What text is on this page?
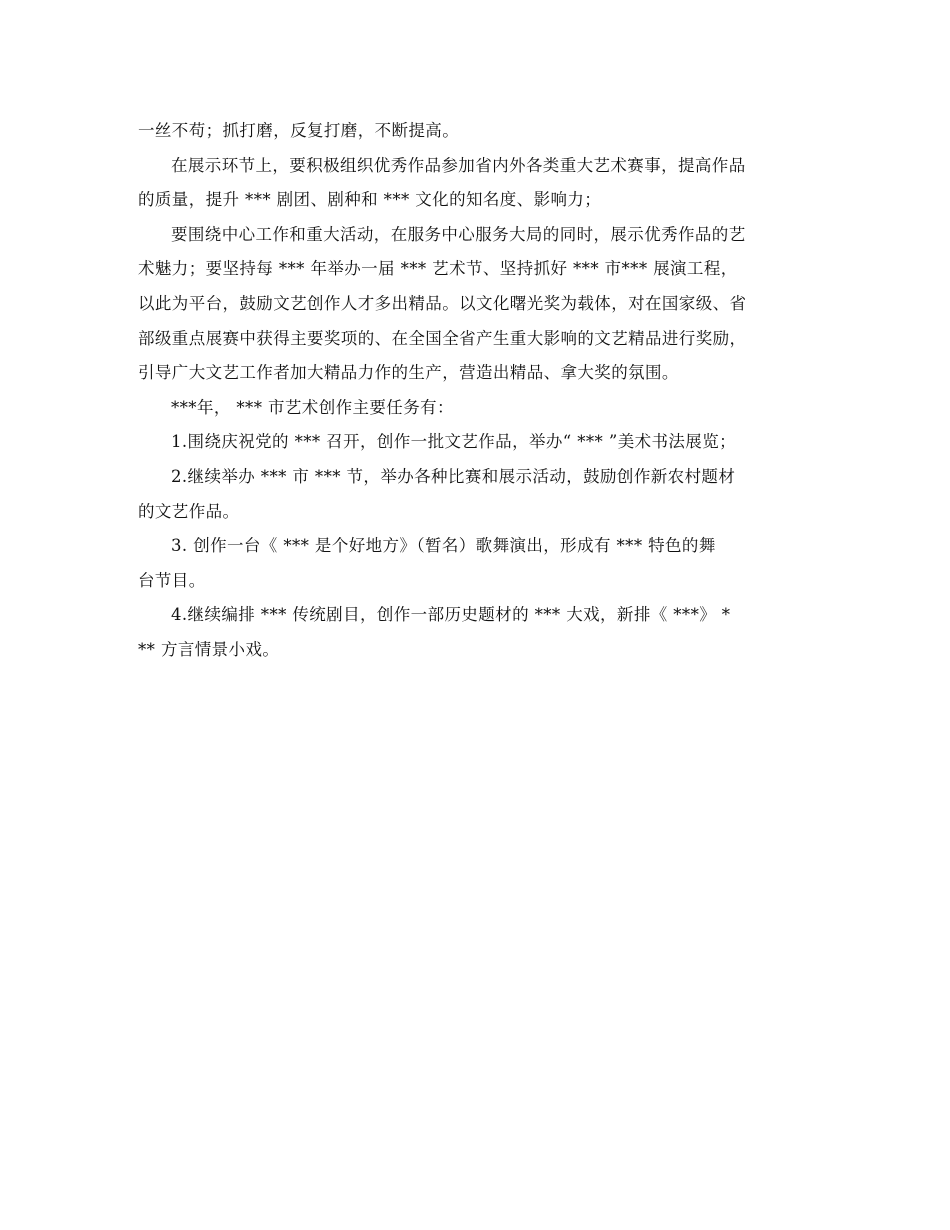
一丝不苟；抓打磨，反复打磨，不断提高。

在展示环节上，要积极组织优秀作品参加省内外各类重大艺术赛事，提高作品
的质量，提升 *** 剧团、剧种和 *** 文化的知名度、影响力；

要围绕中心工作和重大活动，在服务中心服务大局的同时，展示优秀作品的艺
术魅力；要坚持每 *** 年举办一届 *** 艺术节、坚持抓好 *** 市*** 展演工程，
以此为平台，鼓励文艺创作人才多出精品。以文化曙光奖为载体，对在国家级、省
部级重点展赛中获得主要奖项的、在全国全省产生重大影响的文艺精品进行奖励，
引导广大文艺工作者加大精品力作的生产，营造出精品、拿大奖的氛围。

***年， *** 市艺术创作主要任务有：

1.围绕庆祝党的 *** 召开，创作一批文艺作品，举办“ *** ”美术书法展览；

2.继续举办 *** 市 *** 节，举办各种比赛和展示活动，鼓励创作新农村题材
的文艺作品。

3. 创作一台《 *** 是个好地方》（暂名）歌舞演出，形成有 *** 特色的舞
台节目。

4.继续编排 *** 传统剧目，创作一部历史题材的 *** 大戏，新排《 ***》 *
** 方言情景小戏。
